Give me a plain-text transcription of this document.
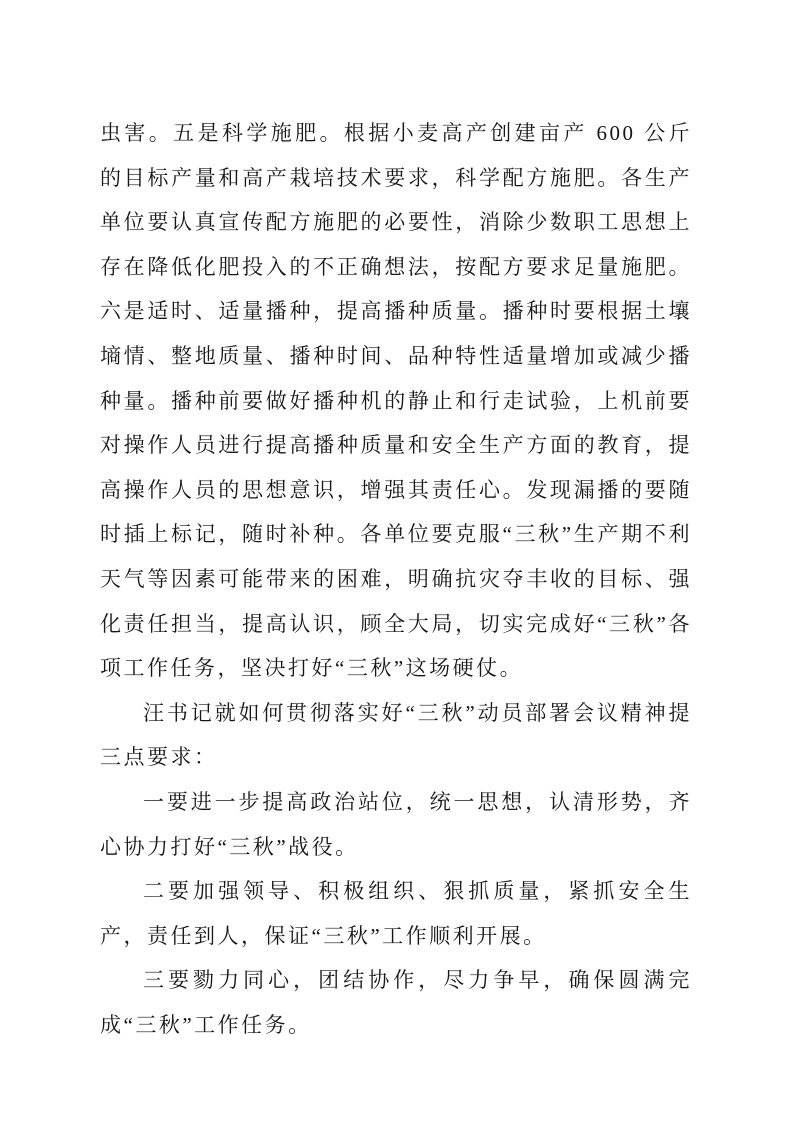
虫害。五是科学施肥。根据小麦高产创建亩产 600 公斤的目标产量和高产栽培技术要求，科学配方施肥。各生产单位要认真宣传配方施肥的必要性，消除少数职工思想上存在降低化肥投入的不正确想法，按配方要求足量施肥。六是适时、适量播种，提高播种质量。播种时要根据土壤墒情、整地质量、播种时间、品种特性适量增加或减少播种量。播种前要做好播种机的静止和行走试验，上机前要对操作人员进行提高播种质量和安全生产方面的教育，提高操作人员的思想意识，增强其责任心。发现漏播的要随时插上标记，随时补种。各单位要克服“三秋”生产期不利天气等因素可能带来的困难，明确抗灾夺丰收的目标、强化责任担当，提高认识，顾全大局，切实完成好“三秋”各项工作任务，坚决打好“三秋”这场硬仗。

汪书记就如何贯彻落实好“三秋”动员部署会议精神提三点要求：

一要进一步提高政治站位，统一思想，认清形势，齐心协力打好“三秋”战役。

二要加强领导、积极组织、狠抓质量，紧抓安全生产，责任到人，保证“三秋”工作顺利开展。

三要勠力同心，团结协作，尽力争早，确保圆满完成“三秋”工作任务。
